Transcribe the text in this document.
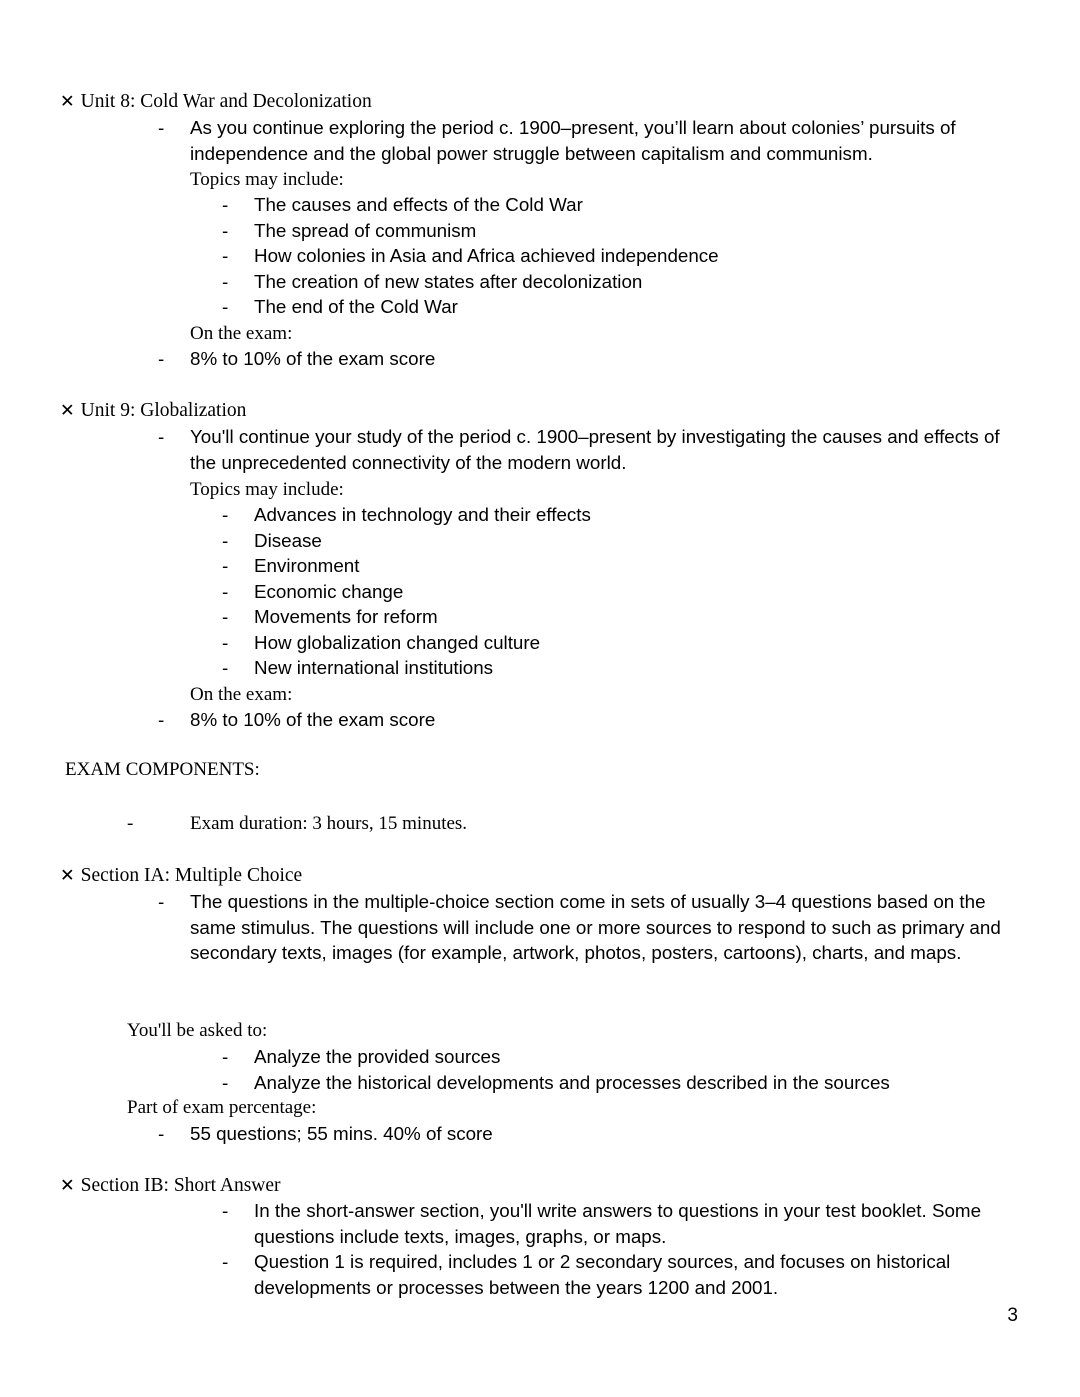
✕ Unit 8: Cold War and Decolonization
-	As you continue exploring the period c. 1900–present, you’ll learn about colonies’ pursuits of independence and the global power struggle between capitalism and communism.
Topics may include:
-	The causes and effects of the Cold War
-	The spread of communism
-	How colonies in Asia and Africa achieved independence
-	The creation of new states after decolonization
-	The end of the Cold War
On the exam:
-	8% to 10% of the exam score
✕ Unit 9: Globalization
-	You'll continue your study of the period c. 1900–present by investigating the causes and effects of the unprecedented connectivity of the modern world.
Topics may include:
-	Advances in technology and their effects
-	Disease
-	Environment
-	Economic change
-	Movements for reform
-	How globalization changed culture
-	New international institutions
On the exam:
-	8% to 10% of the exam score
EXAM COMPONENTS:
-	Exam duration: 3 hours, 15 minutes.
✕ Section IA: Multiple Choice
-	The questions in the multiple-choice section come in sets of usually 3–4 questions based on the same stimulus. The questions will include one or more sources to respond to such as primary and secondary texts, images (for example, artwork, photos, posters, cartoons), charts, and maps.
You'll be asked to:
-	Analyze the provided sources
-	Analyze the historical developments and processes described in the sources
Part of exam percentage:
-	55 questions; 55 mins. 40% of score
✕ Section IB: Short Answer
-	In the short-answer section, you'll write answers to questions in your test booklet. Some questions include texts, images, graphs, or maps.
-	Question 1 is required, includes 1 or 2 secondary sources, and focuses on historical developments or processes between the years 1200 and 2001.
3
